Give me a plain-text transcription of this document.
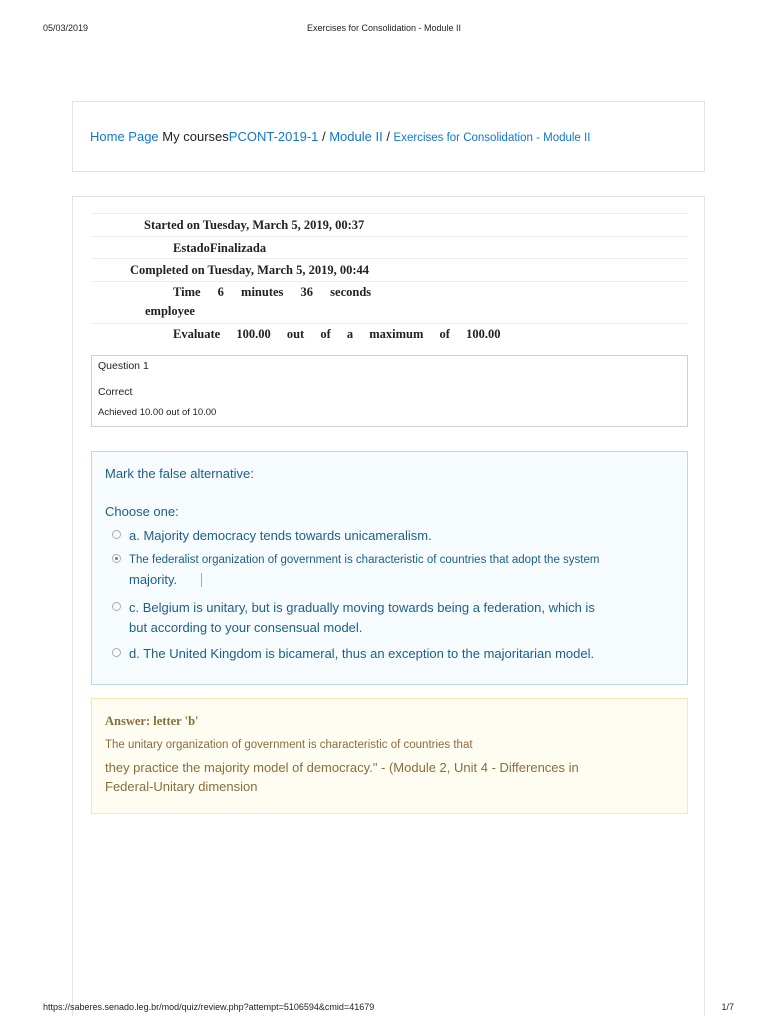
05/03/2019	Exercises for Consolidation - Module II
Home Page My coursesPCONT-2019-1 / Module II / Exercises for Consolidation - Module II
Started on Tuesday, March 5, 2019, 00:37
EstadoFinalizada
Completed on Tuesday, March 5, 2019, 00:44
Time 6 minutes 36 seconds
employee
Evaluate 100.00 out of a maximum of 100.00
Question 1
Correct
Achieved 10.00 out of 10.00
Mark the false alternative:
Choose one:
a. Majority democracy tends towards unicameralism.
The federalist organization of government is characteristic of countries that adopt the system
majority.
c. Belgium is unitary, but is gradually moving towards being a federation, which is
but according to your consensual model.
d. The United Kingdom is bicameral, thus an exception to the majoritarian model.
Answer: letter 'b'
The unitary organization of government is characteristic of countries that
they practice the majority model of democracy." - (Module 2, Unit 4 - Differences in Federal-Unitary dimension
https://saberes.senado.leg.br/mod/quiz/review.php?attempt=5106594&cmid=41679	1/7
